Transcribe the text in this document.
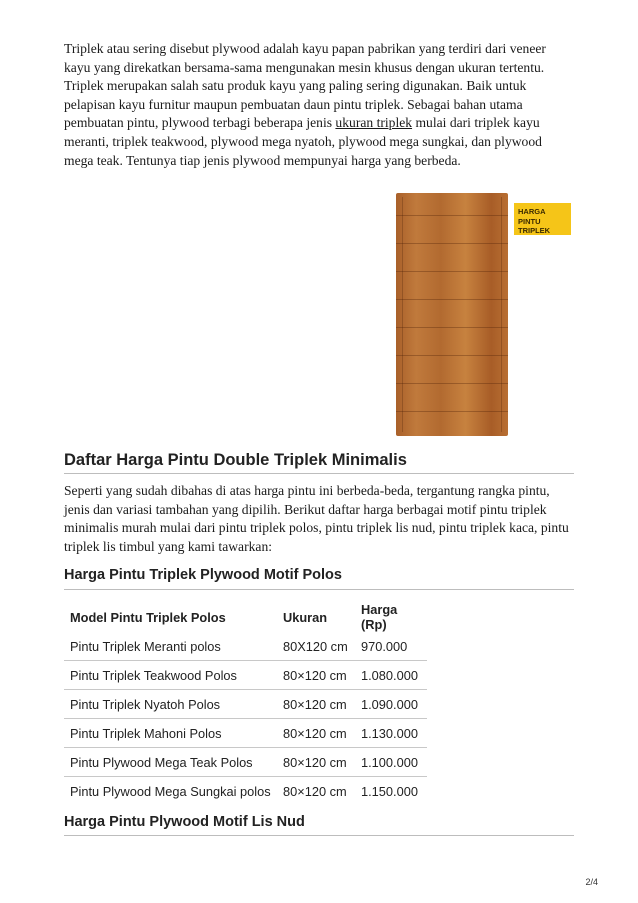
Triplek atau sering disebut plywood adalah kayu papan pabrikan yang terdiri dari veneer kayu yang direkatkan bersama-sama mengunakan mesin khusus dengan ukuran tertentu. Triplek merupakan salah satu produk kayu yang paling sering digunakan. Baik untuk pelapisan kayu furnitur maupun pembuatan daun pintu triplek. Sebagai bahan utama pembuatan pintu, plywood terbagi beberapa jenis ukuran triplek mulai dari triplek kayu meranti, triplek teakwood, plywood mega nyatoh, plywood mega sungkai, dan plywood mega teak. Tentunya tiap jenis plywood mempunyai harga yang berbeda.

HARGA PINTU
TRIPLEK
Daftar Harga Pintu Double Triplek Minimalis

Seperti yang sudah dibahas di atas harga pintu ini berbeda-beda, tergantung rangka pintu, jenis dan variasi tambahan yang dipilih. Berikut daftar harga berbagai motif pintu triplek minimalis murah mulai dari pintu triplek polos, pintu triplek lis nud, pintu triplek kaca, pintu triplek lis timbul yang kami tawarkan:

Harga Pintu Triplek Plywood Motif Polos
Model Pintu Triplek Polos	Ukuran	Harga (Rp)
Pintu Triplek Meranti polos	80X120 cm	970.000
Pintu Triplek Teakwood Polos	80×120 cm	1.080.000
Pintu Triplek Nyatoh Polos	80×120 cm	1.090.000
Pintu Triplek Mahoni Polos	80×120 cm	1.130.000
Pintu Plywood Mega Teak Polos	80×120 cm	1.100.000
Pintu Plywood Mega Sungkai polos	80×120 cm	1.150.000
Harga Pintu Plywood Motif Lis Nud
2/4
